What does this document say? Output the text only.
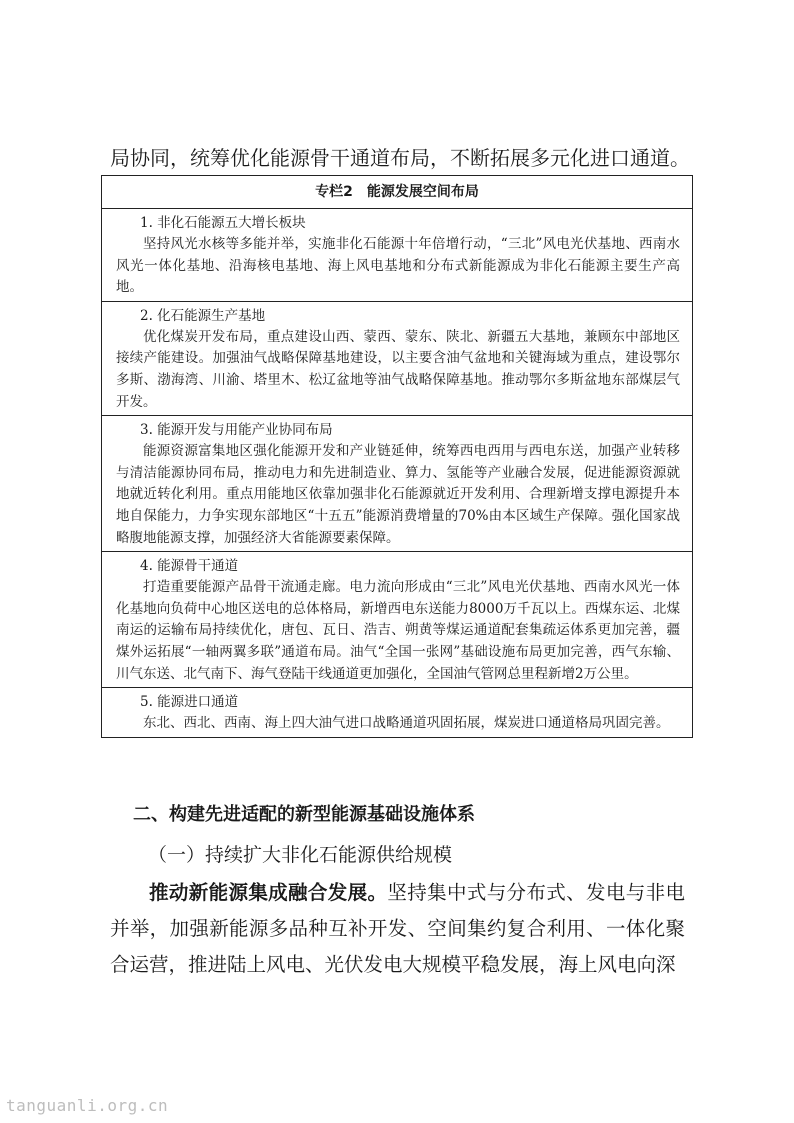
局协同，统筹优化能源骨干通道布局，不断拓展多元化进口通道。
专栏2 能源发展空间布局
1. 非化石能源五大增长板块
坚持风光水核等多能并举，实施非化石能源十年倍增行动，“三北”风电光伏基地、西南水风光一体化基地、沿海核电基地、海上风电基地和分布式新能源成为非化石能源主要生产高地。
2. 化石能源生产基地
优化煤炭开发布局，重点建设山西、蒙西、蒙东、陕北、新疆五大基地，兼顾东中部地区接续产能建设。加强油气战略保障基地建设，以主要含油气盆地和关键海域为重点，建设鄂尔多斯、渤海湾、川渝、塔里木、松辽盆地等油气战略保障基地。推动鄂尔多斯盆地东部煤层气开发。
3. 能源开发与用能产业协同布局
能源资源富集地区强化能源开发和产业链延伸，统筹西电西用与西电东送，加强产业转移与清洁能源协同布局，推动电力和先进制造业、算力、氢能等产业融合发展，促进能源资源就地就近转化利用。重点用能地区依靠加强非化石能源就近开发利用、合理新增支撑电源提升本地自保能力，力争实现东部地区“十五五”能源消费增量的70%由本区域生产保障。强化国家战略腹地能源支撑，加强经济大省能源要素保障。
4. 能源骨干通道
打造重要能源产品骨干流通走廊。电力流向形成由“三北”风电光伏基地、西南水风光一体化基地向负荷中心地区送电的总体格局，新增西电东送能力8000万千瓦以上。西煤东运、北煤南运的运输布局持续优化，唐包、瓦日、浩吉、朔黄等煤运通道配套集疏运体系更加完善，疆煤外运拓展“一轴两翼多联”通道布局。油气“全国一张网”基础设施布局更加完善，西气东输、川气东送、北气南下、海气登陆干线通道更加强化，全国油气管网总里程新增2万公里。
5. 能源进口通道
东北、西北、西南、海上四大油气进口战略通道巩固拓展，煤炭进口通道格局巩固完善。
二、构建先进适配的新型能源基础设施体系
（一）持续扩大非化石能源供给规模
推动新能源集成融合发展。坚持集中式与分布式、发电与非电并举，加强新能源多品种互补开发、空间集约复合利用、一体化聚合运营，推进陆上风电、光伏发电大规模平稳发展，海上风电向深
tanguanli.org.cn
